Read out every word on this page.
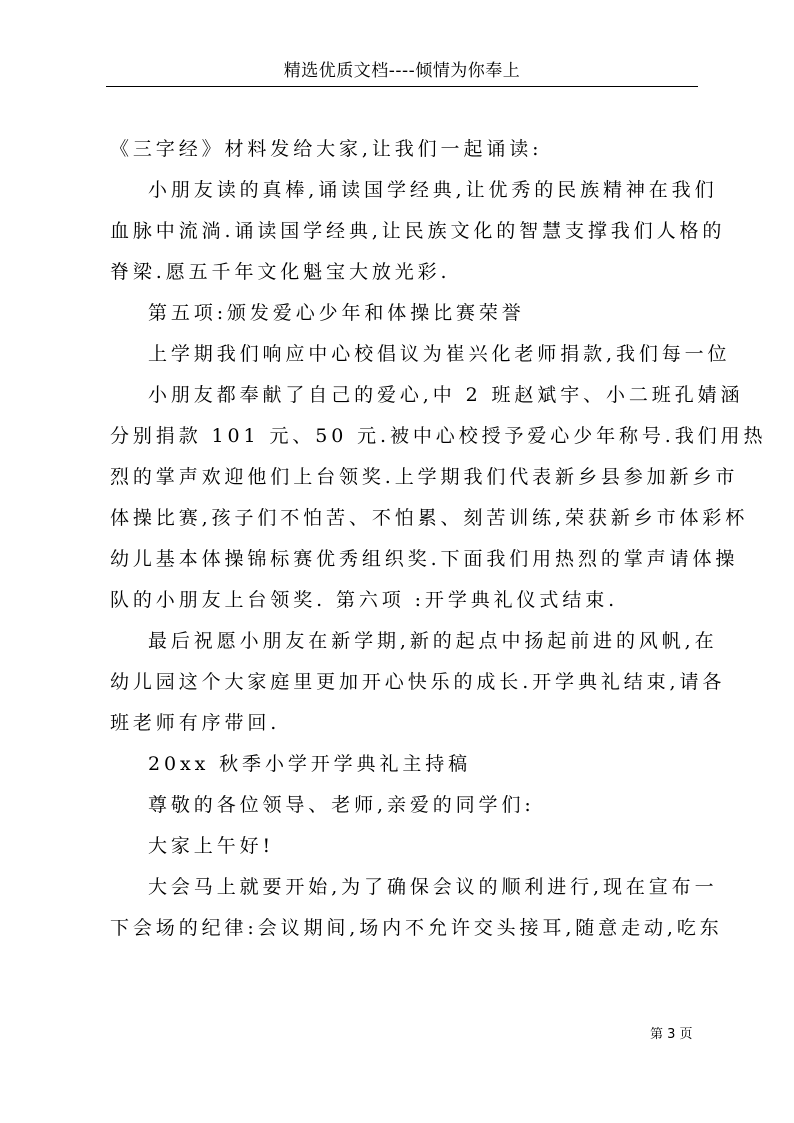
精选优质文档----倾情为你奉上
《三字经》材料发给大家,让我们一起诵读:
小朋友读的真棒,诵读国学经典,让优秀的民族精神在我们
血脉中流淌.诵读国学经典,让民族文化的智慧支撑我们人格的
脊梁.愿五千年文化魁宝大放光彩.
第五项:颁发爱心少年和体操比赛荣誉
上学期我们响应中心校倡议为崔兴化老师捐款,我们每一位
小朋友都奉献了自己的爱心,中 2 班赵斌宇、小二班孔婧涵
分别捐款 101 元、50 元.被中心校授予爱心少年称号.我们用热
烈的掌声欢迎他们上台领奖.上学期我们代表新乡县参加新乡市
体操比赛,孩子们不怕苦、不怕累、刻苦训练,荣获新乡市体彩杯
幼儿基本体操锦标赛优秀组织奖.下面我们用热烈的掌声请体操
队的小朋友上台领奖. 第六项 :开学典礼仪式结束.
最后祝愿小朋友在新学期,新的起点中扬起前进的风帆,在
幼儿园这个大家庭里更加开心快乐的成长.开学典礼结束,请各
班老师有序带回.
20xx 秋季小学开学典礼主持稿
尊敬的各位领导、老师,亲爱的同学们:
大家上午好!
大会马上就要开始,为了确保会议的顺利进行,现在宣布一
下会场的纪律:会议期间,场内不允许交头接耳,随意走动,吃东
第 3 页
